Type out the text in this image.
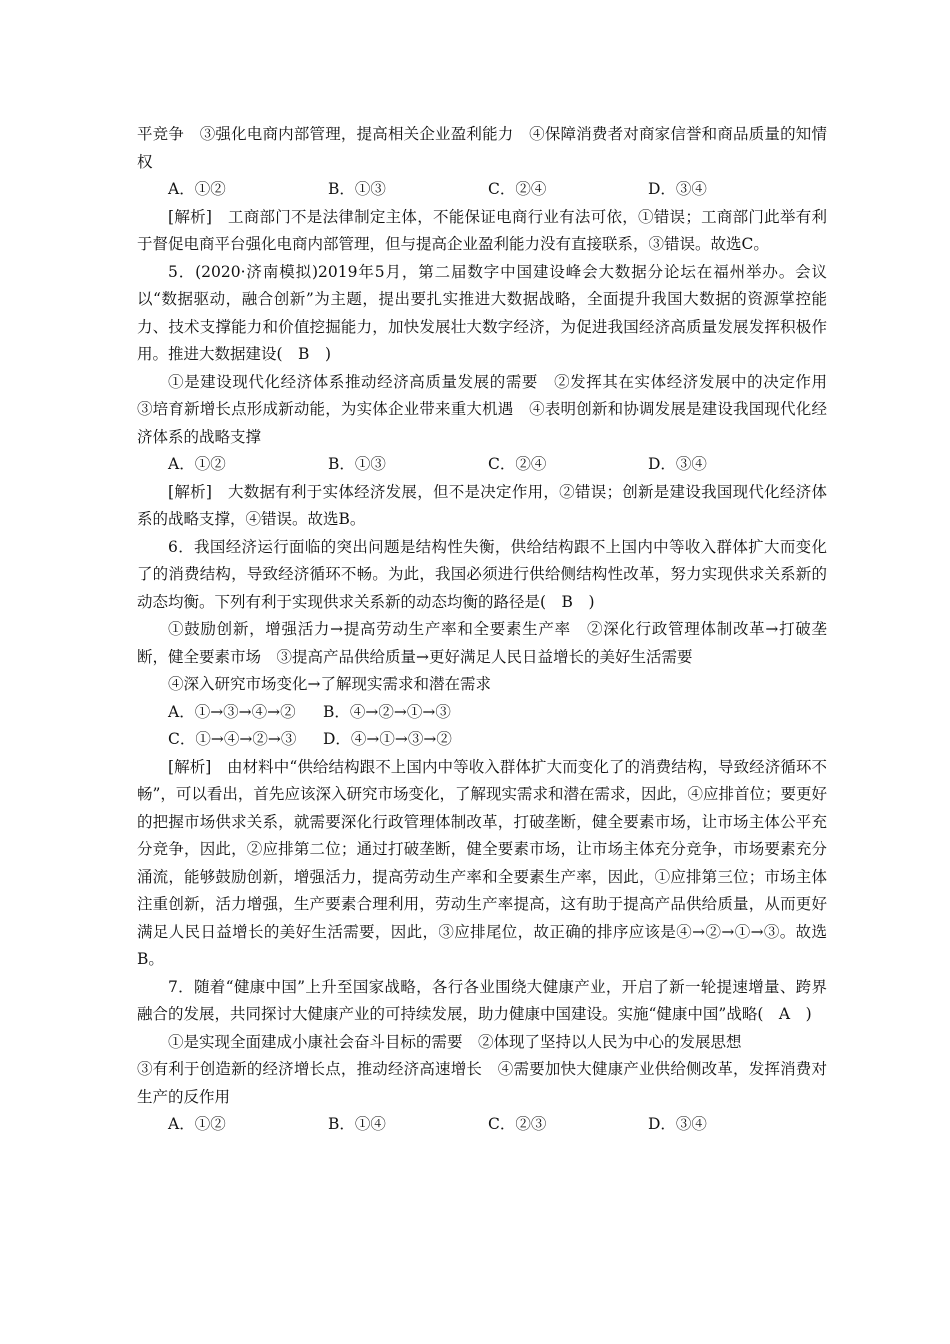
平竞争　③强化电商内部管理，提高相关企业盈利能力　④保障消费者对商家信誉和商品质量的知情权

A．①②	B．①③	C．②④	D．③④

[解析]　工商部门不是法律制定主体，不能保证电商行业有法可依，①错误；工商部门此举有利于督促电商平台强化电商内部管理，但与提高企业盈利能力没有直接联系，③错误。故选C。

5．(2020·济南模拟)2019年5月，第二届数字中国建设峰会大数据分论坛在福州举办。会议以“数据驱动，融合创新”为主题，提出要扎实推进大数据战略，全面提升我国大数据的资源掌控能力、技术支撑能力和价值挖掘能力，加快发展壮大数字经济，为促进我国经济高质量发展发挥积极作用。推进大数据建设(　B　)

①是建设现代化经济体系推动经济高质量发展的需要　②发挥其在实体经济发展中的决定作用　③培育新增长点形成新动能，为实体企业带来重大机遇　④表明创新和协调发展是建设我国现代化经济体系的战略支撑

A．①②	B．①③	C．②④	D．③④

[解析]　大数据有利于实体经济发展，但不是决定作用，②错误；创新是建设我国现代化经济体系的战略支撑，④错误。故选B。

6．我国经济运行面临的突出问题是结构性失衡，供给结构跟不上国内中等收入群体扩大而变化了的消费结构，导致经济循环不畅。为此，我国必须进行供给侧结构性改革，努力实现供求关系新的动态均衡。下列有利于实现供求关系新的动态均衡的路径是(　B　)

①鼓励创新，增强活力→提高劳动生产率和全要素生产率　②深化行政管理体制改革→打破垄断，健全要素市场　③提高产品供给质量→更好满足人民日益增长的美好生活需要

④深入研究市场变化→了解现实需求和潜在需求

A．①→③→④→②	B．④→②→①→③
C．①→④→②→③	D．④→①→③→②

[解析]　由材料中“供给结构跟不上国内中等收入群体扩大而变化了的消费结构，导致经济循环不畅”，可以看出，首先应该深入研究市场变化，了解现实需求和潜在需求，因此，④应排首位；要更好的把握市场供求关系，就需要深化行政管理体制改革，打破垄断，健全要素市场，让市场主体公平充分竞争，因此，②应排第二位；通过打破垄断，健全要素市场，让市场主体充分竞争，市场要素充分涌流，能够鼓励创新，增强活力，提高劳动生产率和全要素生产率，因此，①应排第三位；市场主体注重创新，活力增强，生产要素合理利用，劳动生产率提高，这有助于提高产品供给质量，从而更好满足人民日益增长的美好生活需要，因此，③应排尾位，故正确的排序应该是④→②→①→③。故选B。

7．随着“健康中国”上升至国家战略，各行各业围绕大健康产业，开启了新一轮提速增量、跨界融合的发展，共同探讨大健康产业的可持续发展，助力健康中国建设。实施“健康中国”战略(　A　)

①是实现全面建成小康社会奋斗目标的需要　②体现了坚持以人民为中心的发展思想

③有利于创造新的经济增长点，推动经济高速增长　④需要加快大健康产业供给侧改革，发挥消费对生产的反作用

A．①②	B．①④	C．②③	D．③④
